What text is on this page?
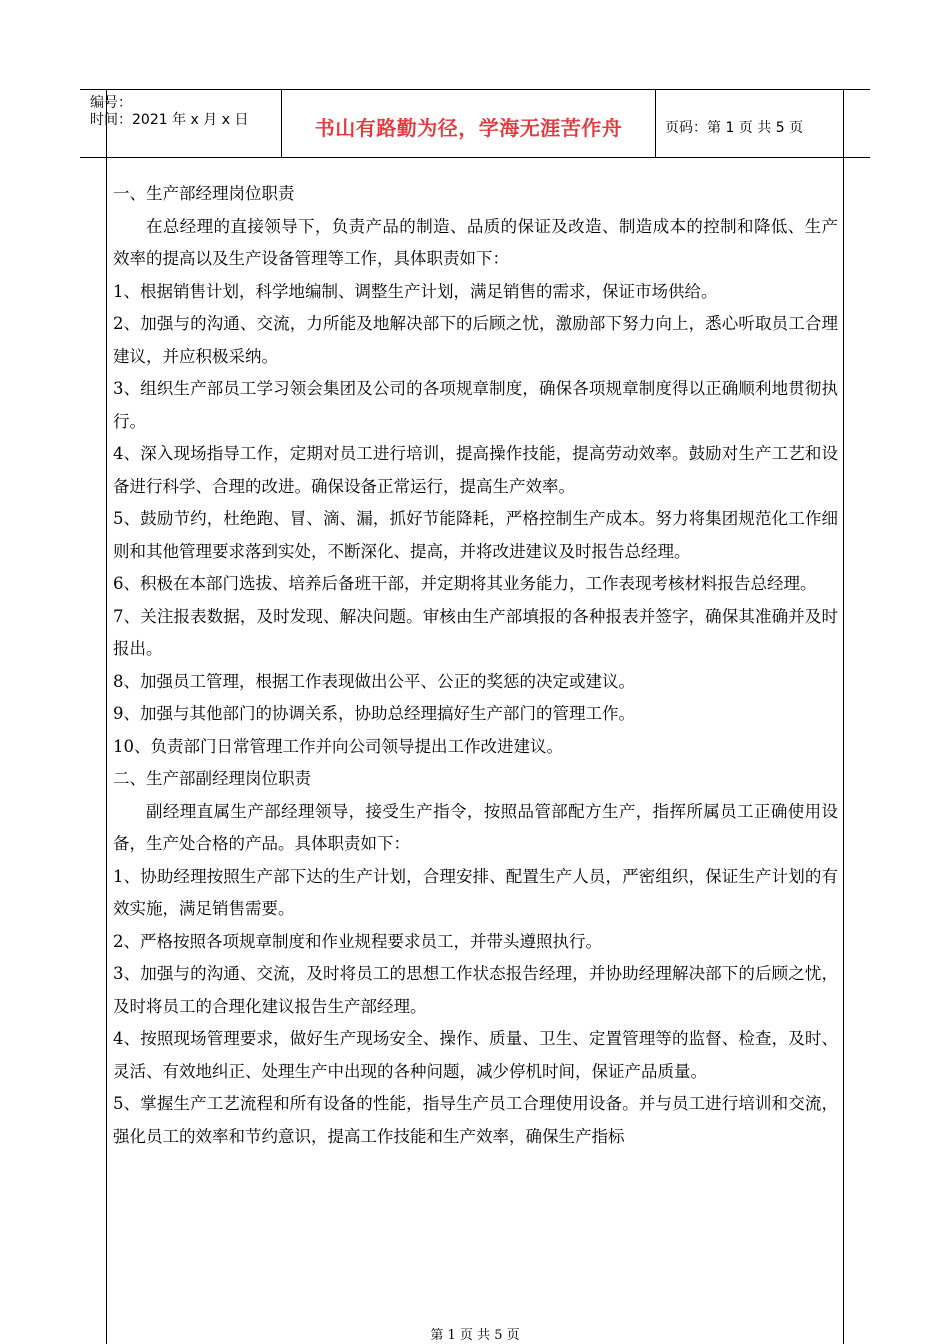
编号：
时间：2021 年 x 月 x 日	书山有路勤为径，学海无涯苦作舟	页码：第 1 页 共 5 页

一、生产部经理岗位职责

在总经理的直接领导下，负责产品的制造、品质的保证及改造、制造成本的控制和降低、生产效率的提高以及生产设备管理等工作，具体职责如下：

1、根据销售计划，科学地编制、调整生产计划，满足销售的需求，保证市场供给。

2、加强与的沟通、交流，力所能及地解决部下的后顾之忧，激励部下努力向上，悉心听取员工合理建议，并应积极采纳。

3、组织生产部员工学习领会集团及公司的各项规章制度，确保各项规章制度得以正确顺利地贯彻执行。

4、深入现场指导工作，定期对员工进行培训，提高操作技能，提高劳动效率。鼓励对生产工艺和设备进行科学、合理的改进。确保设备正常运行，提高生产效率。

5、鼓励节约，杜绝跑、冒、滴、漏，抓好节能降耗，严格控制生产成本。努力将集团规范化工作细则和其他管理要求落到实处，不断深化、提高，并将改进建议及时报告总经理。

6、积极在本部门选拔、培养后备班干部，并定期将其业务能力，工作表现考核材料报告总经理。

7、关注报表数据，及时发现、解决问题。审核由生产部填报的各种报表并签字，确保其准确并及时报出。

8、加强员工管理，根据工作表现做出公平、公正的奖惩的决定或建议。

9、加强与其他部门的协调关系，协助总经理搞好生产部门的管理工作。

10、负责部门日常管理工作并向公司领导提出工作改进建议。

二、生产部副经理岗位职责

副经理直属生产部经理领导，接受生产指令，按照品管部配方生产，指挥所属员工正确使用设备，生产处合格的产品。具体职责如下：

1、协助经理按照生产部下达的生产计划，合理安排、配置生产人员，严密组织，保证生产计划的有效实施，满足销售需要。

2、严格按照各项规章制度和作业规程要求员工，并带头遵照执行。

3、加强与的沟通、交流，及时将员工的思想工作状态报告经理，并协助经理解决部下的后顾之忧，及时将员工的合理化建议报告生产部经理。

4、按照现场管理要求，做好生产现场安全、操作、质量、卫生、定置管理等的监督、检查，及时、灵活、有效地纠正、处理生产中出现的各种问题，减少停机时间，保证产品质量。

5、掌握生产工艺流程和所有设备的性能，指导生产员工合理使用设备。并与员工进行培训和交流，强化员工的效率和节约意识，提高工作技能和生产效率，确保生产指标

第 1 页 共 5 页
